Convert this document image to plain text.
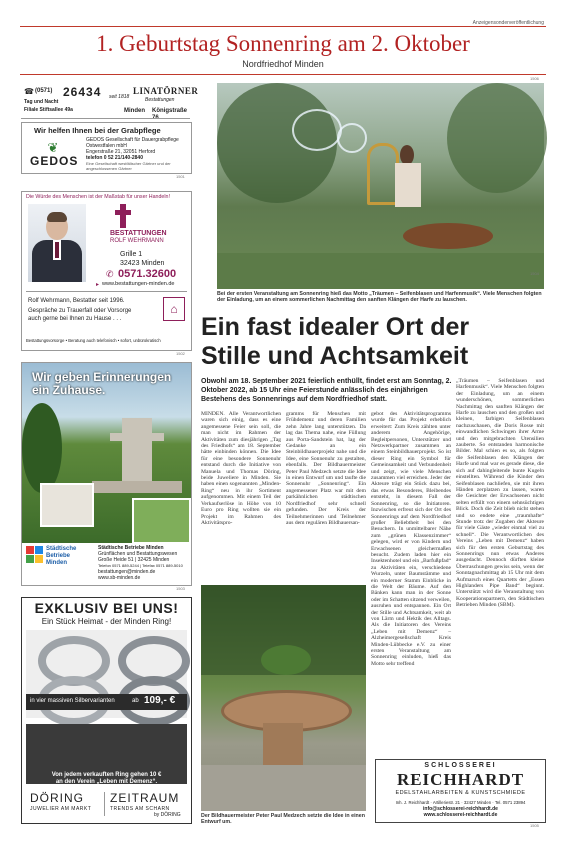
Anzeigensonderveröffentlichung
1. Geburtstag Sonnenring am 2. Oktober
Nordfriedhof Minden
☎ (0571) 26434
Tag und Nacht
Filiale Stiftsallee 49a
seit 1818
LINATÖRNER
Bestattungen
Minden Königstraße
Wir helfen Ihnen bei der Grabpflege
❦
GEDOS
GEDOS Gesellschaft für Dauergrabpflege Ostwestfalen mbH
Engerstraße 21, 32051 Herford
telefon 0 52 21/140-2840
Eine Gesellschaft westfälischer Gärtner und der angeschlossenen Gärtner
1501
Die Würde des Menschen ist der Maßstab für unser Handeln!
BESTATTUNGEN
ROLF WEHRMANN
Grille 1
32423 Minden
✆ 0571.32600
▸ www.bestattungen-minden.de
Rolf Wehrmann, Bestatter seit 1996.
Gespräche zu Trauerfall oder Vorsorge
auch gerne bei Ihnen zu Hause . . .
⌂
Bestattungsvorsorge • Beratung auch telefonisch • sofort, unbürokratisch
1502
Wir geben Erinnerungen ein Zuhause.
Städtische Betriebe Minden
Städtische Betriebe Minden
Grünflächen und Bestattungswesen
Große Heide 51 | 32425 Minden
Telefon 0571 889-5244 | Telefax 0571 889-5010
bestattungen@minden.de
www.sb-minden.de
1503
EXKLUSIV BEI UNS!
Ein Stück Heimat - der Minden Ring!
in vier massiven Silbervarianten	ab 109,- €
Von jedem verkauften Ring gehen 10 €
an den Verein „Leben mit Demenz“.
DÖRING
JUWELIER AM MARKT
ZEITRAUM
TRENDS AM SCHARN
by DÖRING
Bei der ersten Veranstaltung am Sonnenring hieß das Motto „Träumen – Seifenblasen und Harfenmusik“. Viele Menschen folgten der Einladung, um an einem sommerlichen Nachmittag den sanften Klängen der Harfe zu lauschen.
1504
Ein fast idealer Ort der
Stille und Achtsamkeit
Obwohl am 18. September 2021 feierlich enthüllt, findet erst am Sonntag, 2. Oktober 2022, ab 15 Uhr eine Feierstunde anlässlich des einjährigen Bestehens des Sonnenrings auf dem Nordfriedhof statt.

MINDEN. Alle Verantwortlichen waren sich einig, dass es eine angemessene Feier sein soll, die man nicht im Rahmen der Aktivitäten zum diesjährigen „Tag des Friedhofs“ am 18. September hätte einbinden können. Die Idee für eine besondere Sonnenuhr entstand durch die Initiative von Manuela und Thomas Döring, beide Juweliere in Minden. Sie haben einen sogenannten „Minden-Ring“ neu in ihr Sortiment aufgenommen. Mit einem Teil der Verkaufserlöse in Höhe von 10 Euro pro Ring wollten sie ein Projekt im Rahmen des Aktivitätspro-

gramms für Menschen mit Frühdemenz und deren Familien zehn Jahre lang unterstützen. Da lag das Thema nahe, eine Füllung aus Porta-Sandstein hat, lag der Gedanke an ein Steinbildhauerprojekt nahe und die Idee, eine Sonnenuhr zu gestalten, ebenfalls. Der Bildhauermeister Peter Paul Medzech setzte die Idee in einen Entwurf um und taufte die Sonnenuhr „Sonnenring“. Ein angemessener Platz war mit dem parkähnlichen städtischen Nordfriedhof sehr schnell gefunden. Der Kreis der Teilnehmerinnen und Teilnehmer aus dem regulären Bildhauersan-

gebot des Aktivitätsprogramms wurde für das Projekt erheblich erweitert: Zum Kreis zählten unter anderem Angehörige, Begleitpersonen, Unterstützer und Netzwerkpartner zusammen an einem Steinbildhauerprojekt. So ist dieser Ring ein Symbol für Gemeinsamkeit und Verbundenheit und zeigt, wie viele Menschen zusammen viel erreichen. Jeder der Akteure trägt ein Stück dazu bei, das etwas Besonderes, Bleibendes entsteht, in diesem Fall der Sonnenring, so die Initiatoren. Inzwischen erfreut sich der Ort des Sonnenrings auf dem Nordfriedhof großer Beliebtheit bei den Besuchern. In unmittelbarer Nähe zum „grünen Klassenzimmer“ gelegen, wird er von Kindern und Erwachsenen gleichermaßen besucht. Zudem laden hier ein Insektenhotel und ein „Barfußpfad“ zu Aktivitäten ein, verschiedene Wurzeln, unter Baumstämme und ein moderner Stamm Einblicke in die Welt der Bäume. Auf den Bänken kann man in der Sonne oder im Schatten sitzend verweilen, ausruhen und entspannen. Ein Ort der Stille und Achtsamkeit, weit ab von Lärm und Hektik des Alltags. Als die Initiatoren des Vereins „Leben mit Demenz“ – Alzheimergesellschaft Kreis Minden-Lübbecke e.V. zu einer ersten Veranstaltung am Sonnenring einluden, hieß das Motto sehr treffend

„Träumen – Seifenblasen und Harfenmusik“. Viele Menschen folgten der Einladung, um an einem wunderschönen, sommerlichen Nachmittag den sanften Klängen der Harfe zu lauschen und den großen und kleinen, farbigen Seifenblasen nachzuschauen, die Doris Rosse mit einwandlichen Schwingen ihrer Arme und den mitgebrachten Utensilien zauberte. So entstanden harmonische Bilder. Mal schien es so, als folgten die Seifenblasen den Klängen der Harfe und mal war es gerade diese, die sich auf dahingleitende bunte Kugeln einstellten. Während die Kinder den Seifenblasen nachliefen, sie mit ihren Händen zerplatzen zu lassen, waren die Gesichter der Erwachsenen nicht selten erfüllt von einem sehnsüchtigen Blick. Doch die Zeit blieb nicht stehen und so endete eine „traumhafte“ Stunde trotz der Zugaben der Akteure für viele Gäste „wieder einmal viel zu schnell“. Die Verantwortlichen des Vereins „Leben mit Demenz“ haben sich für den ersten Geburtstag des Sonnenrings nun etwas Anderes ausgedacht. Dennoch dürften kleine Überraschungen gewiss sein, wenn der Sonntagnachmittag ab 15 Uhr mit dem Aufmarsch eines Quartetts der „Essen Highlanders Pipe Band“ beginnt. Unterstützt wird die Veranstaltung von Kooperationspartnern, den Städtischen Betrieben Minden (SBM).

Der Bildhauermeister Peter Paul Medzech setzte die Idee in einen Entwurf um.
SCHLOSSEREI
REICHHARDT
EDELSTAHLARBEITEN & KUNSTSCHMIEDE
Inh. J. Reichhardt · Artilleriestr. 21 · 32427 Minden · Tel. 0571 23894
info@schlosserei-reichhardt.de
www.schlosserei-reichhardt.de
1505
1506
